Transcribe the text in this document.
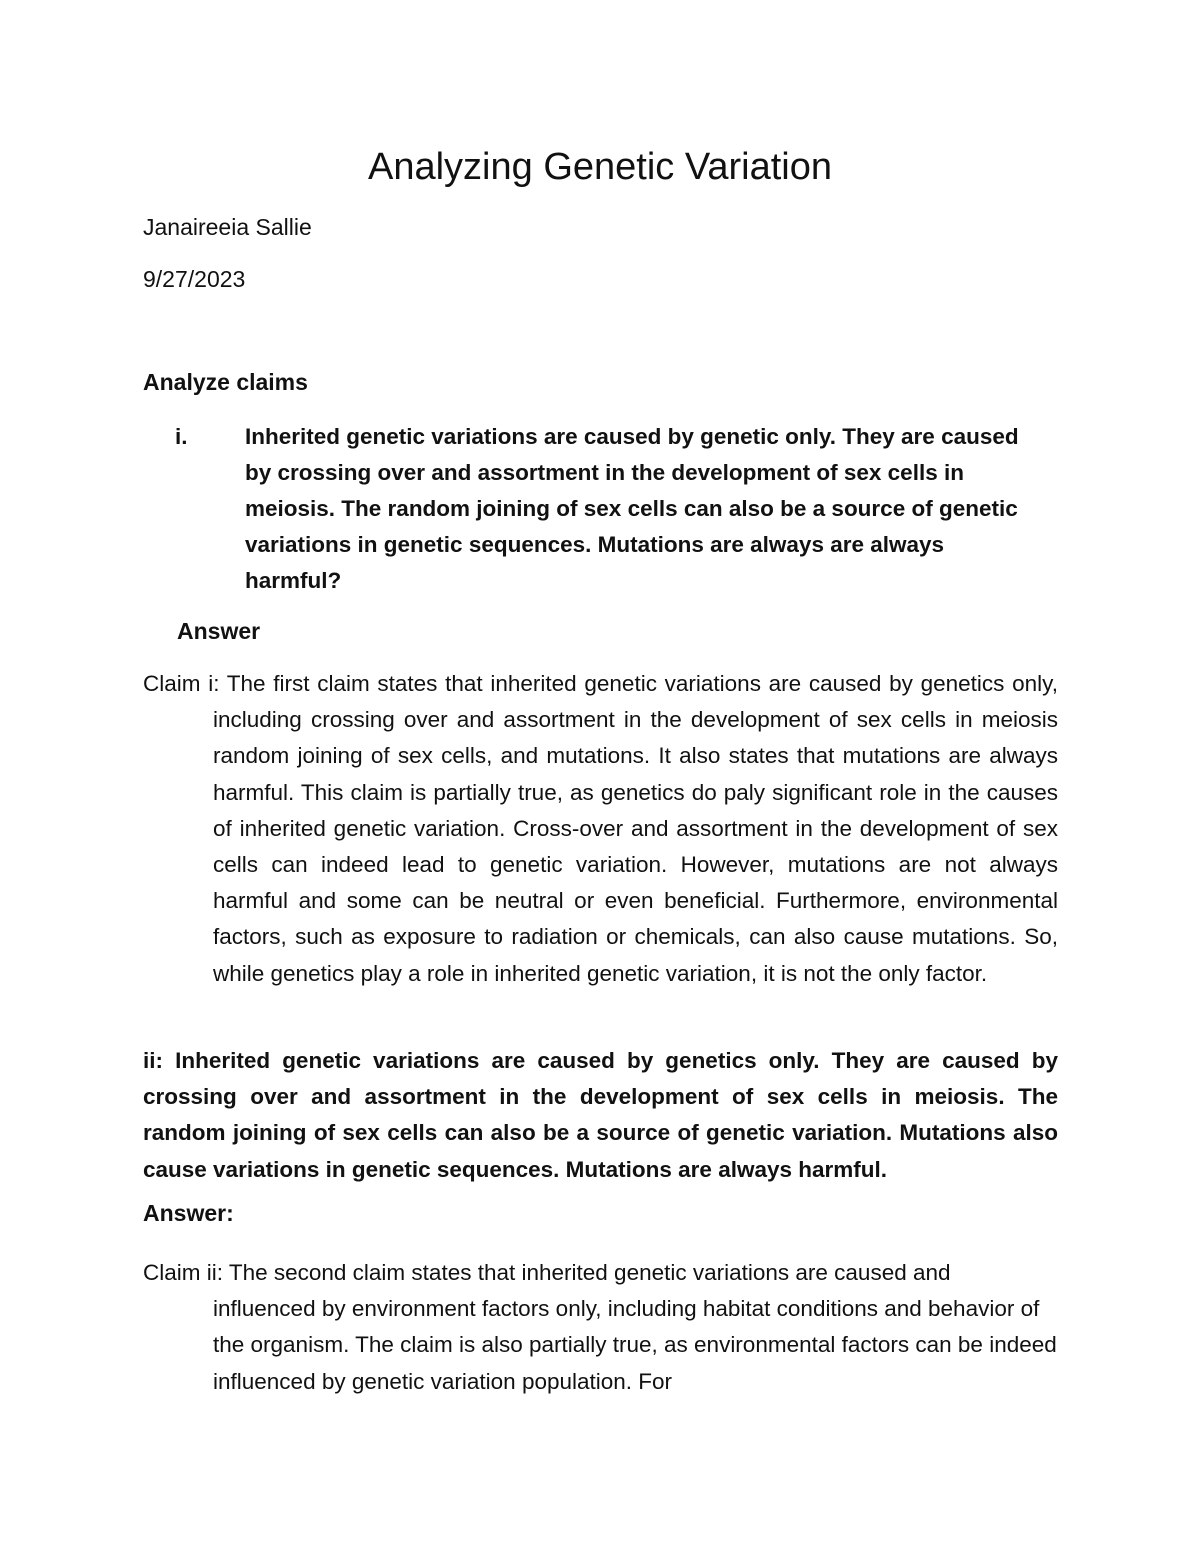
Analyzing Genetic Variation

Janaireeia Sallie

9/27/2023

Analyze claims

i.	Inherited genetic variations are caused by genetic only. They are caused by crossing over and assortment in the development of sex cells in meiosis. The random joining of sex cells can also be a source of genetic variations in genetic sequences. Mutations are always are always harmful?

Answer

Claim i: The first claim states that inherited genetic variations are caused by genetics only, including crossing over and assortment in the development of sex cells in meiosis random joining of sex cells, and mutations. It also states that mutations are always harmful. This claim is partially true, as genetics do paly significant role in the causes of inherited genetic variation. Cross-over and assortment in the development of sex cells can indeed lead to genetic variation. However, mutations are not always harmful and some can be neutral or even beneficial. Furthermore, environmental factors, such as exposure to radiation or chemicals, can also cause mutations. So, while genetics play a role in inherited genetic variation, it is not the only factor.

ii: Inherited genetic variations are caused by genetics only. They are caused by crossing over and assortment in the development of sex cells in meiosis. The random joining of sex cells can also be a source of genetic variation. Mutations also cause variations in genetic sequences. Mutations are always harmful.

Answer:

Claim ii: The second claim states that inherited genetic variations are caused and influenced by environment factors only, including habitat conditions and behavior of the organism. The claim is also partially true, as environmental factors can be indeed influenced by genetic variation population. For
